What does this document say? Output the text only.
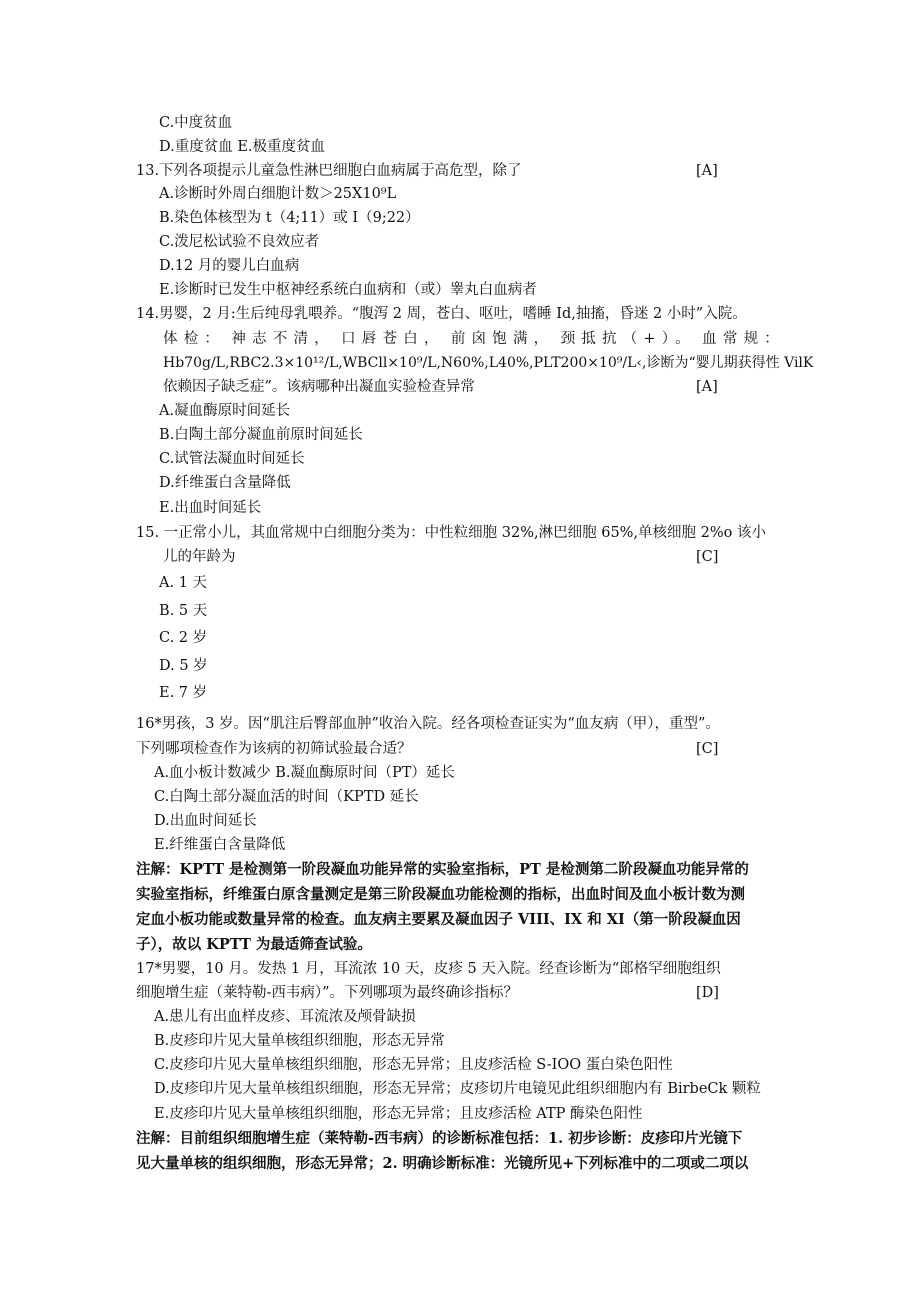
C.中度贫血
D.重度贫血 E.极重度贫血
13.下列各项提示儿童急性淋巴细胞白血病属于高危型，除了	[A]
A.诊断时外周白细胞计数＞25X10⁹L
B.染色体核型为 t（4;11）或 I（9;22）
C.泼尼松试验不良效应者
D.12 月的婴儿白血病
E.诊断时已发生中枢神经系统白血病和（或）睾丸白血病者
14.男婴，2 月:生后纯母乳喂养。“腹泻 2 周，苍白、呕吐，嗜睡 Id,抽搐，昏迷 2 小时”入院。
体检： 神志不清， 口唇苍白， 前囟饱满， 颈抵抗（+）。 血常规：
Hb70g/L,RBC2.3×10¹²/L,WBCll×10⁹/L,N60%,L40%,PLT200×10⁹/L‹,诊断为“婴儿期获得性 VilK
依赖因子缺乏症”。该病哪种出凝血实验检查异常	[A]
A.凝血酶原时间延长
B.白陶土部分凝血前原时间延长
C.试管法凝血时间延长
D.纤维蛋白含量降低
E.出血时间延长
15. 一正常小儿，其血常规中白细胞分类为：中性粒细胞 32%,淋巴细胞 65%,单核细胞 2%o 该小
儿的年龄为	[C]
A. 1 天
B. 5 天
C. 2 岁
D. 5 岁
E. 7 岁
16*男孩，3 岁。因“肌注后臀部血肿”收治入院。经各项检查证实为“血友病（甲），重型”。
下列哪项检查作为该病的初筛试验最合适？	[C]
A.血小板计数减少 B.凝血酶原时间（PT）延长
C.白陶土部分凝血活的时间（KPTD 延长
D.出血时间延长
E.纤维蛋白含量降低
注解：KPTT 是检测第一阶段凝血功能异常的实验室指标，PT 是检测第二阶段凝血功能异常的
实验室指标，纤维蛋白原含量测定是第三阶段凝血功能检测的指标，出血时间及血小板计数为测
定血小板功能或数量异常的检查。血友病主要累及凝血因子 VIII、IX 和 XI（第一阶段凝血因
子），故以 KPTT 为最适筛查试验。
17*男婴，10 月。发热 1 月，耳流浓 10 天，皮疹 5 天入院。经查诊断为“郎格罕细胞组织
细胞增生症（莱特勒-西韦病）”。下列哪项为最终确诊指标？	[D]
A.患儿有出血样皮疹、耳流浓及颅骨缺损
B.皮疹印片见大量单核组织细胞，形态无异常
C.皮疹印片见大量单核组织细胞，形态无异常；且皮疹活检 S-IOO 蛋白染色阳性
D.皮疹印片见大量单核组织细胞，形态无异常；皮疹切片电镜见此组织细胞内有 BirbeCk 颗粒
E.皮疹印片见大量单核组织细胞，形态无异常；且皮疹活检 ATP 酶染色阳性
注解：目前组织细胞增生症（莱特勒-西韦病）的诊断标准包括：1. 初步诊断：皮疹印片光镜下
见大量单核的组织细胞，形态无异常；2. 明确诊断标准：光镜所见+下列标准中的二项或二项以
